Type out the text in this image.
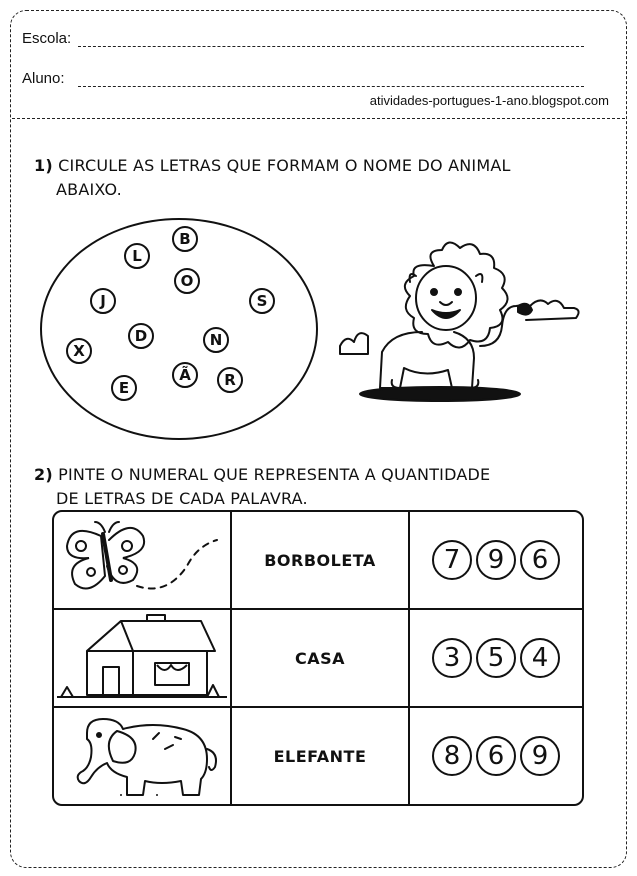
Escola:
Aluno:
atividades-portugues-1-ano.blogspot.com
1) CIRCULE AS LETRAS QUE FORMAM O NOME DO ANIMAL
ABAIXO.
B
L
O
J	S
D	N
X
Ã	R
E
2) PINTE O NUMERAL QUE REPRESENTA A QUANTIDADE
DE LETRAS DE CADA PALAVRA.
	BORBOLETA	7 9 6
	CASA	3 5 4
	ELEFANTE	8 6 9
